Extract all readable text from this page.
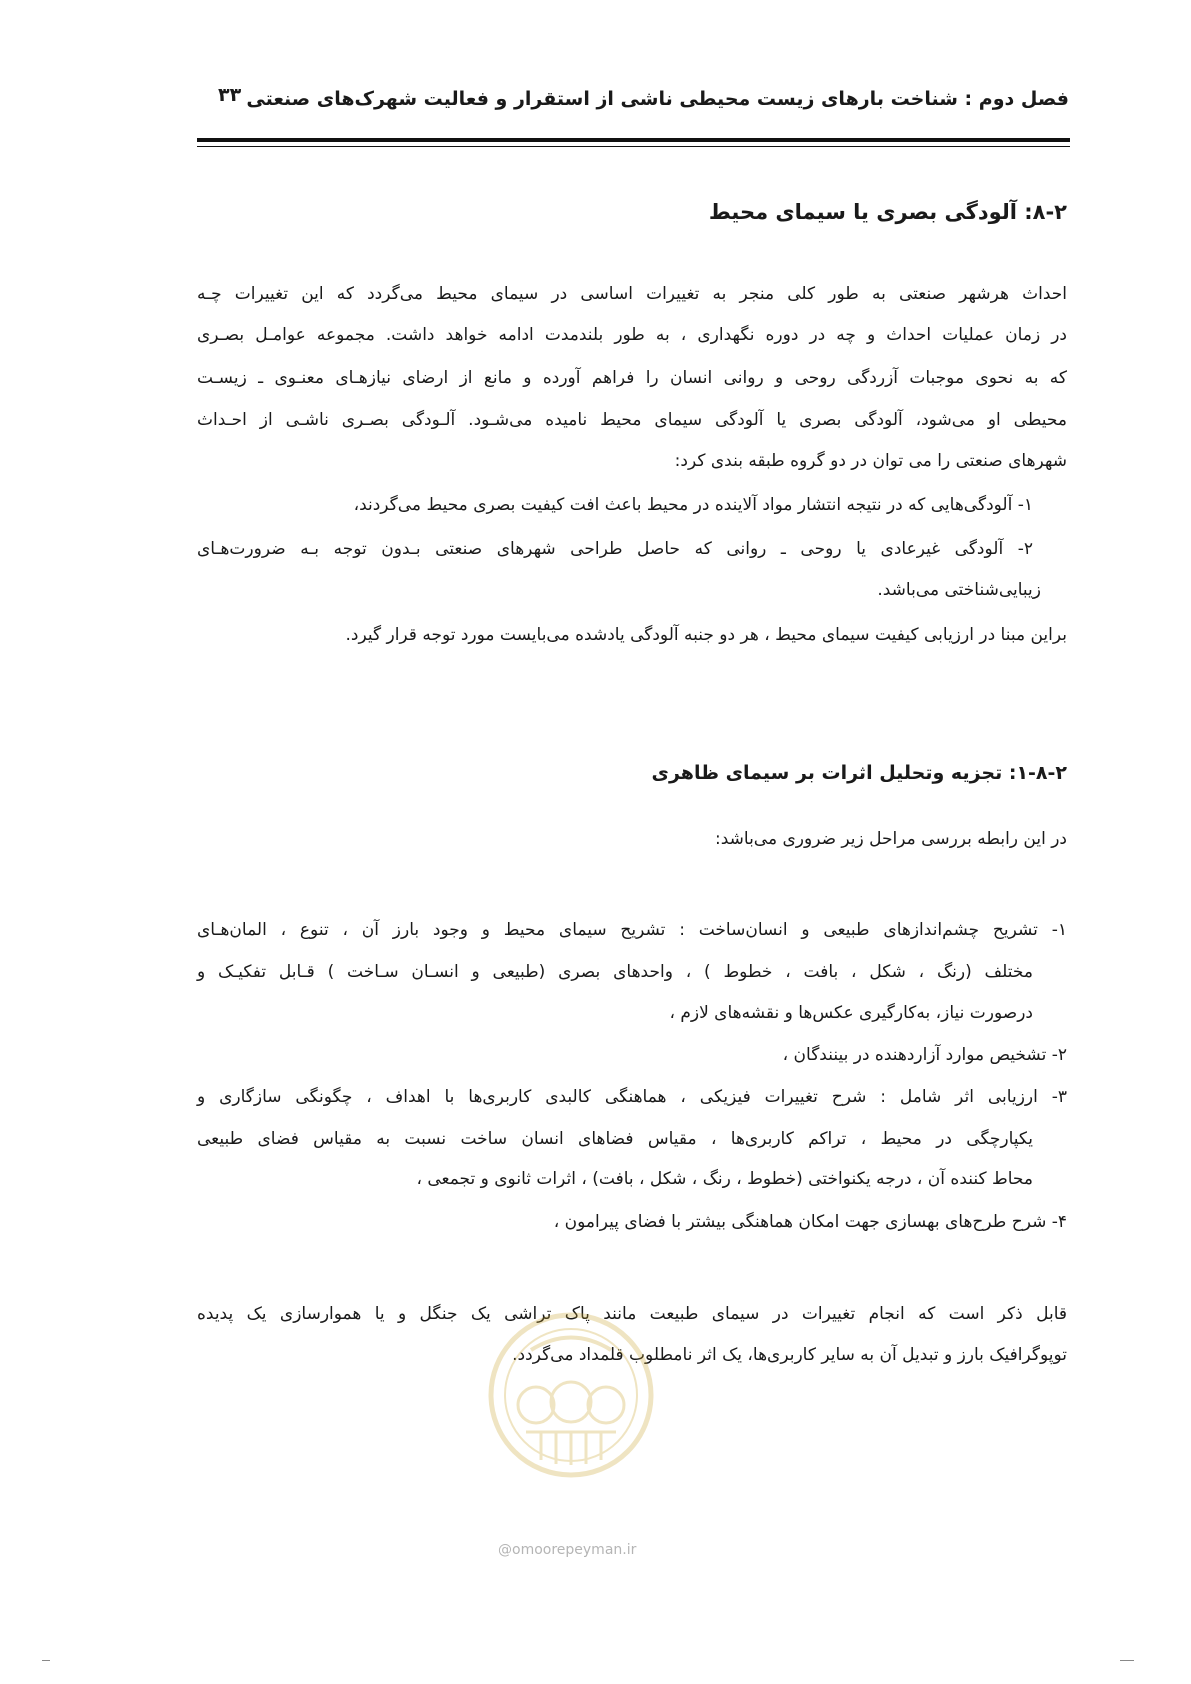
فصل دوم : شناخت بارهای زیست محیطی ناشی از استقرار و فعالیت شهرک‌های صنعتی
۳۳
۸-۲: آلودگی بصری یا سیمای محیط
احداث هرشهر صنعتی به طور کلی منجر به تغییرات اساسی در سیمای محیط می‌گردد که این تغییرات چـه
در زمان عملیات احداث و چه در دوره نگهداری ، به طور بلندمدت ادامه خواهد داشت. مجموعه عوامـل بصـری
که به نحوی موجبات آزردگی روحی و روانی انسان را فراهم آورده و مانع از ارضای نیازهـای معنـوی ـ زیسـت
محیطی او می‌شود، آلودگی بصری یا آلودگی سیمای محیط نامیده می‌شـود. آلـودگی بصـری ناشـی از احـداث
شهرهای صنعتی را می توان در دو گروه طبقه بندی کرد:
۱- آلودگی‌هایی که در نتیجه انتشار مواد آلاینده در محیط باعث افت کیفیت بصری محیط می‌گردند،
۲- آلودگی غیرعادی یا روحی ـ روانی که حاصل طراحی شهرهای صنعتی بـدون توجه بـه ضرورت‌هـای
زیبایی‌شناختی می‌باشد.
براین مبنا در ارزیابی کیفیت سیمای محیط ، هر دو جنبه آلودگی یادشده می‌بایست مورد توجه قرار گیرد.
۱-۸-۲: تجزیه وتحلیل اثرات بر سیمای ظاهری
در این رابطه بررسی مراحل زیر ضروری می‌باشد:
۱- تشریح چشم‌اندازهای طبیعی و انسان‌ساخت : تشریح سیمای محیط و وجود بارز آن ، تنوع ، المان‌هـای
مختلف (رنگ ، شکل ، بافت ، خطوط ) ، واحدهای بصری (طبیعی و انسـان سـاخت ) قـابل تفکیـک و
درصورت نیاز، به‌کارگیری عکس‌ها و نقشه‌های لازم ،
۲- تشخیص موارد آزاردهنده در بینندگان ،
۳- ارزیابی اثر شامل : شرح تغییرات فیزیکی ، هماهنگی کالبدی کاربری‌ها با اهداف ، چگونگی سازگاری و
یکپارچگی در محیط ، تراکم کاربری‌ها ، مقیاس فضاهای انسان ساخت نسبت به مقیاس فضای طبیعی
محاط کننده آن ، درجه یکنواختی (خطوط ، رنگ ، شکل ، بافت) ، اثرات ثانوی و تجمعی ،
۴- شرح طرح‌های بهسازی جهت امکان هماهنگی بیشتر با فضای پیرامون ،
قابل ذکر است که انجام تغییرات در سیمای طبیعت مانند پاک تراشی یک جنگل و یا هموارسازی یک پدیده
توپوگرافیک بارز و تبدیل آن به سایر کاربری‌ها، یک اثر نامطلوب قلمداد می‌گردد.
@omoorepeyman.ir
